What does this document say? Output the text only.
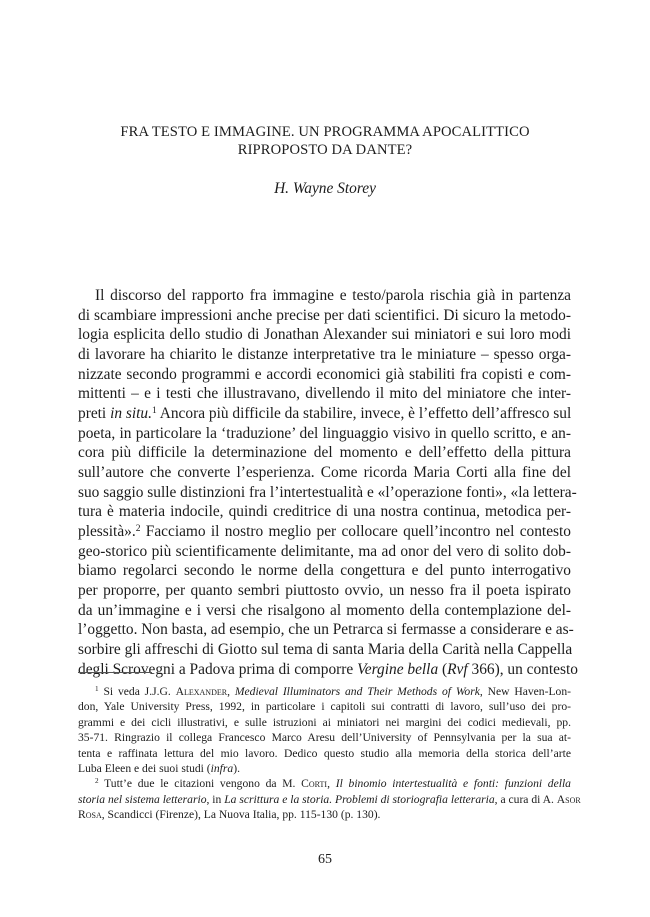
FRA TESTO E IMMAGINE. UN PROGRAMMA APOCALITTICO
RIPROPOSTO DA DANTE?
H. Wayne Storey
Il discorso del rapporto fra immagine e testo/parola rischia già in partenza
di scambiare impressioni anche precise per dati scientifici. Di sicuro la metodo-
logia esplicita dello studio di Jonathan Alexander sui miniatori e sui loro modi
di lavorare ha chiarito le distanze interpretative tra le miniature – spesso orga-
nizzate secondo programmi e accordi economici già stabiliti fra copisti e com-
mittenti – e i testi che illustravano, divellendo il mito del miniatore che inter-
preti in situ.$^1$ Ancora più difficile da stabilire, invece, è l’effetto dell’affresco sul
poeta, in particolare la ‘traduzione’ del linguaggio visivo in quello scritto, e an-
cora più difficile la determinazione del momento e dell’effetto della pittura
sull’autore che converte l’esperienza. Come ricorda Maria Corti alla fine del
suo saggio sulle distinzioni fra l’intertestualità e «l’operazione fonti», «la lettera-
tura è materia indocile, quindi creditrice di una nostra continua, metodica per-
plessità».$^2$ Facciamo il nostro meglio per collocare quell’incontro nel contesto
geo-storico più scientificamente delimitante, ma ad onor del vero di solito dob-
biamo regolarci secondo le norme della congettura e del punto interrogativo
per proporre, per quanto sembri piuttosto ovvio, un nesso fra il poeta ispirato
da un’immagine e i versi che risalgono al momento della contemplazione del-
l’oggetto. Non basta, ad esempio, che un Petrarca si fermasse a considerare e as-
sorbire gli affreschi di Giotto sul tema di santa Maria della Carità nella Cappella
degli Scrovegni a Padova prima di comporre Vergine bella (Rvf 366), un contesto
$^1$ Si veda J.J.G. Alexander, Medieval Illuminators and Their Methods of Work, New Haven-Lon-
don, Yale University Press, 1992, in particolare i capitoli sui contratti di lavoro, sull’uso dei pro-
grammi e dei cicli illustrativi, e sulle istruzioni ai miniatori nei margini dei codici medievali, pp.
35-71. Ringrazio il collega Francesco Marco Aresu dell’University of Pennsylvania per la sua at-
tenta e raffinata lettura del mio lavoro. Dedico questo studio alla memoria della storica dell’arte
Luba Eleen e dei suoi studi (infra).
$^2$ Tutt’e due le citazioni vengono da M. Corti, Il binomio intertestualità e fonti: funzioni della
storia nel sistema letterario, in La scrittura e la storia. Problemi di storiografia letteraria, a cura di A. Asor
Rosa, Scandicci (Firenze), La Nuova Italia, pp. 115-130 (p. 130).
65
